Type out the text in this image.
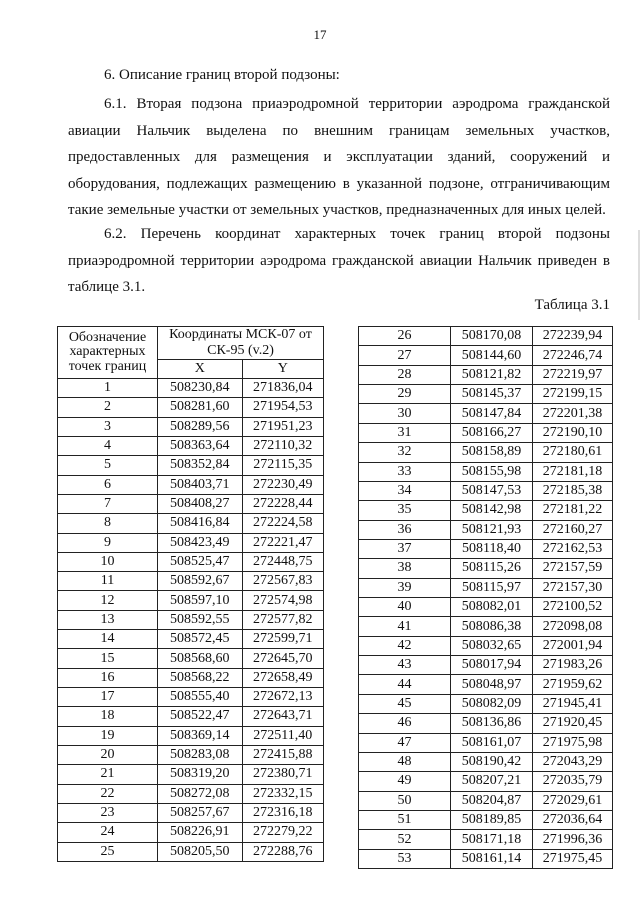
17
6. Описание границ второй подзоны:
6.1. Вторая подзона приаэродромной территории аэродрома гражданской авиации Нальчик выделена по внешним границам земельных участков, предоставленных для размещения и эксплуатации зданий, сооружений и оборудования, подлежащих размещению в указанной подзоне, отграничивающим такие земельные участки от земельных участков, предназначенных для иных целей.
6.2. Перечень координат характерных точек границ второй подзоны приаэродромной территории аэродрома гражданской авиации Нальчик приведен в таблице 3.1.
Таблица 3.1
Обозначение характерных точек границ	Координаты МСК-07 от СК-95 (v.2)	
	X	Y
1	508230,84	271836,04
2	508281,60	271954,53
3	508289,56	271951,23
4	508363,64	272110,32
5	508352,84	272115,35
6	508403,71	272230,49
7	508408,27	272228,44
8	508416,84	272224,58
9	508423,49	272221,47
10	508525,47	272448,75
11	508592,67	272567,83
12	508597,10	272574,98
13	508592,55	272577,82
14	508572,45	272599,71
15	508568,60	272645,70
16	508568,22	272658,49
17	508555,40	272672,13
18	508522,47	272643,71
19	508369,14	272511,40
20	508283,08	272415,88
21	508319,20	272380,71
22	508272,08	272332,15
23	508257,67	272316,18
24	508226,91	272279,22
25	508205,50	272288,76
26	508170,08	272239,94
27	508144,60	272246,74
28	508121,82	272219,97
29	508145,37	272199,15
30	508147,84	272201,38
31	508166,27	272190,10
32	508158,89	272180,61
33	508155,98	272181,18
34	508147,53	272185,38
35	508142,98	272181,22
36	508121,93	272160,27
37	508118,40	272162,53
38	508115,26	272157,59
39	508115,97	272157,30
40	508082,01	272100,52
41	508086,38	272098,08
42	508032,65	272001,94
43	508017,94	271983,26
44	508048,97	271959,62
45	508082,09	271945,41
46	508136,86	271920,45
47	508161,07	271975,98
48	508190,42	272043,29
49	508207,21	272035,79
50	508204,87	272029,61
51	508189,85	272036,64
52	508171,18	271996,36
53	508161,14	271975,45
